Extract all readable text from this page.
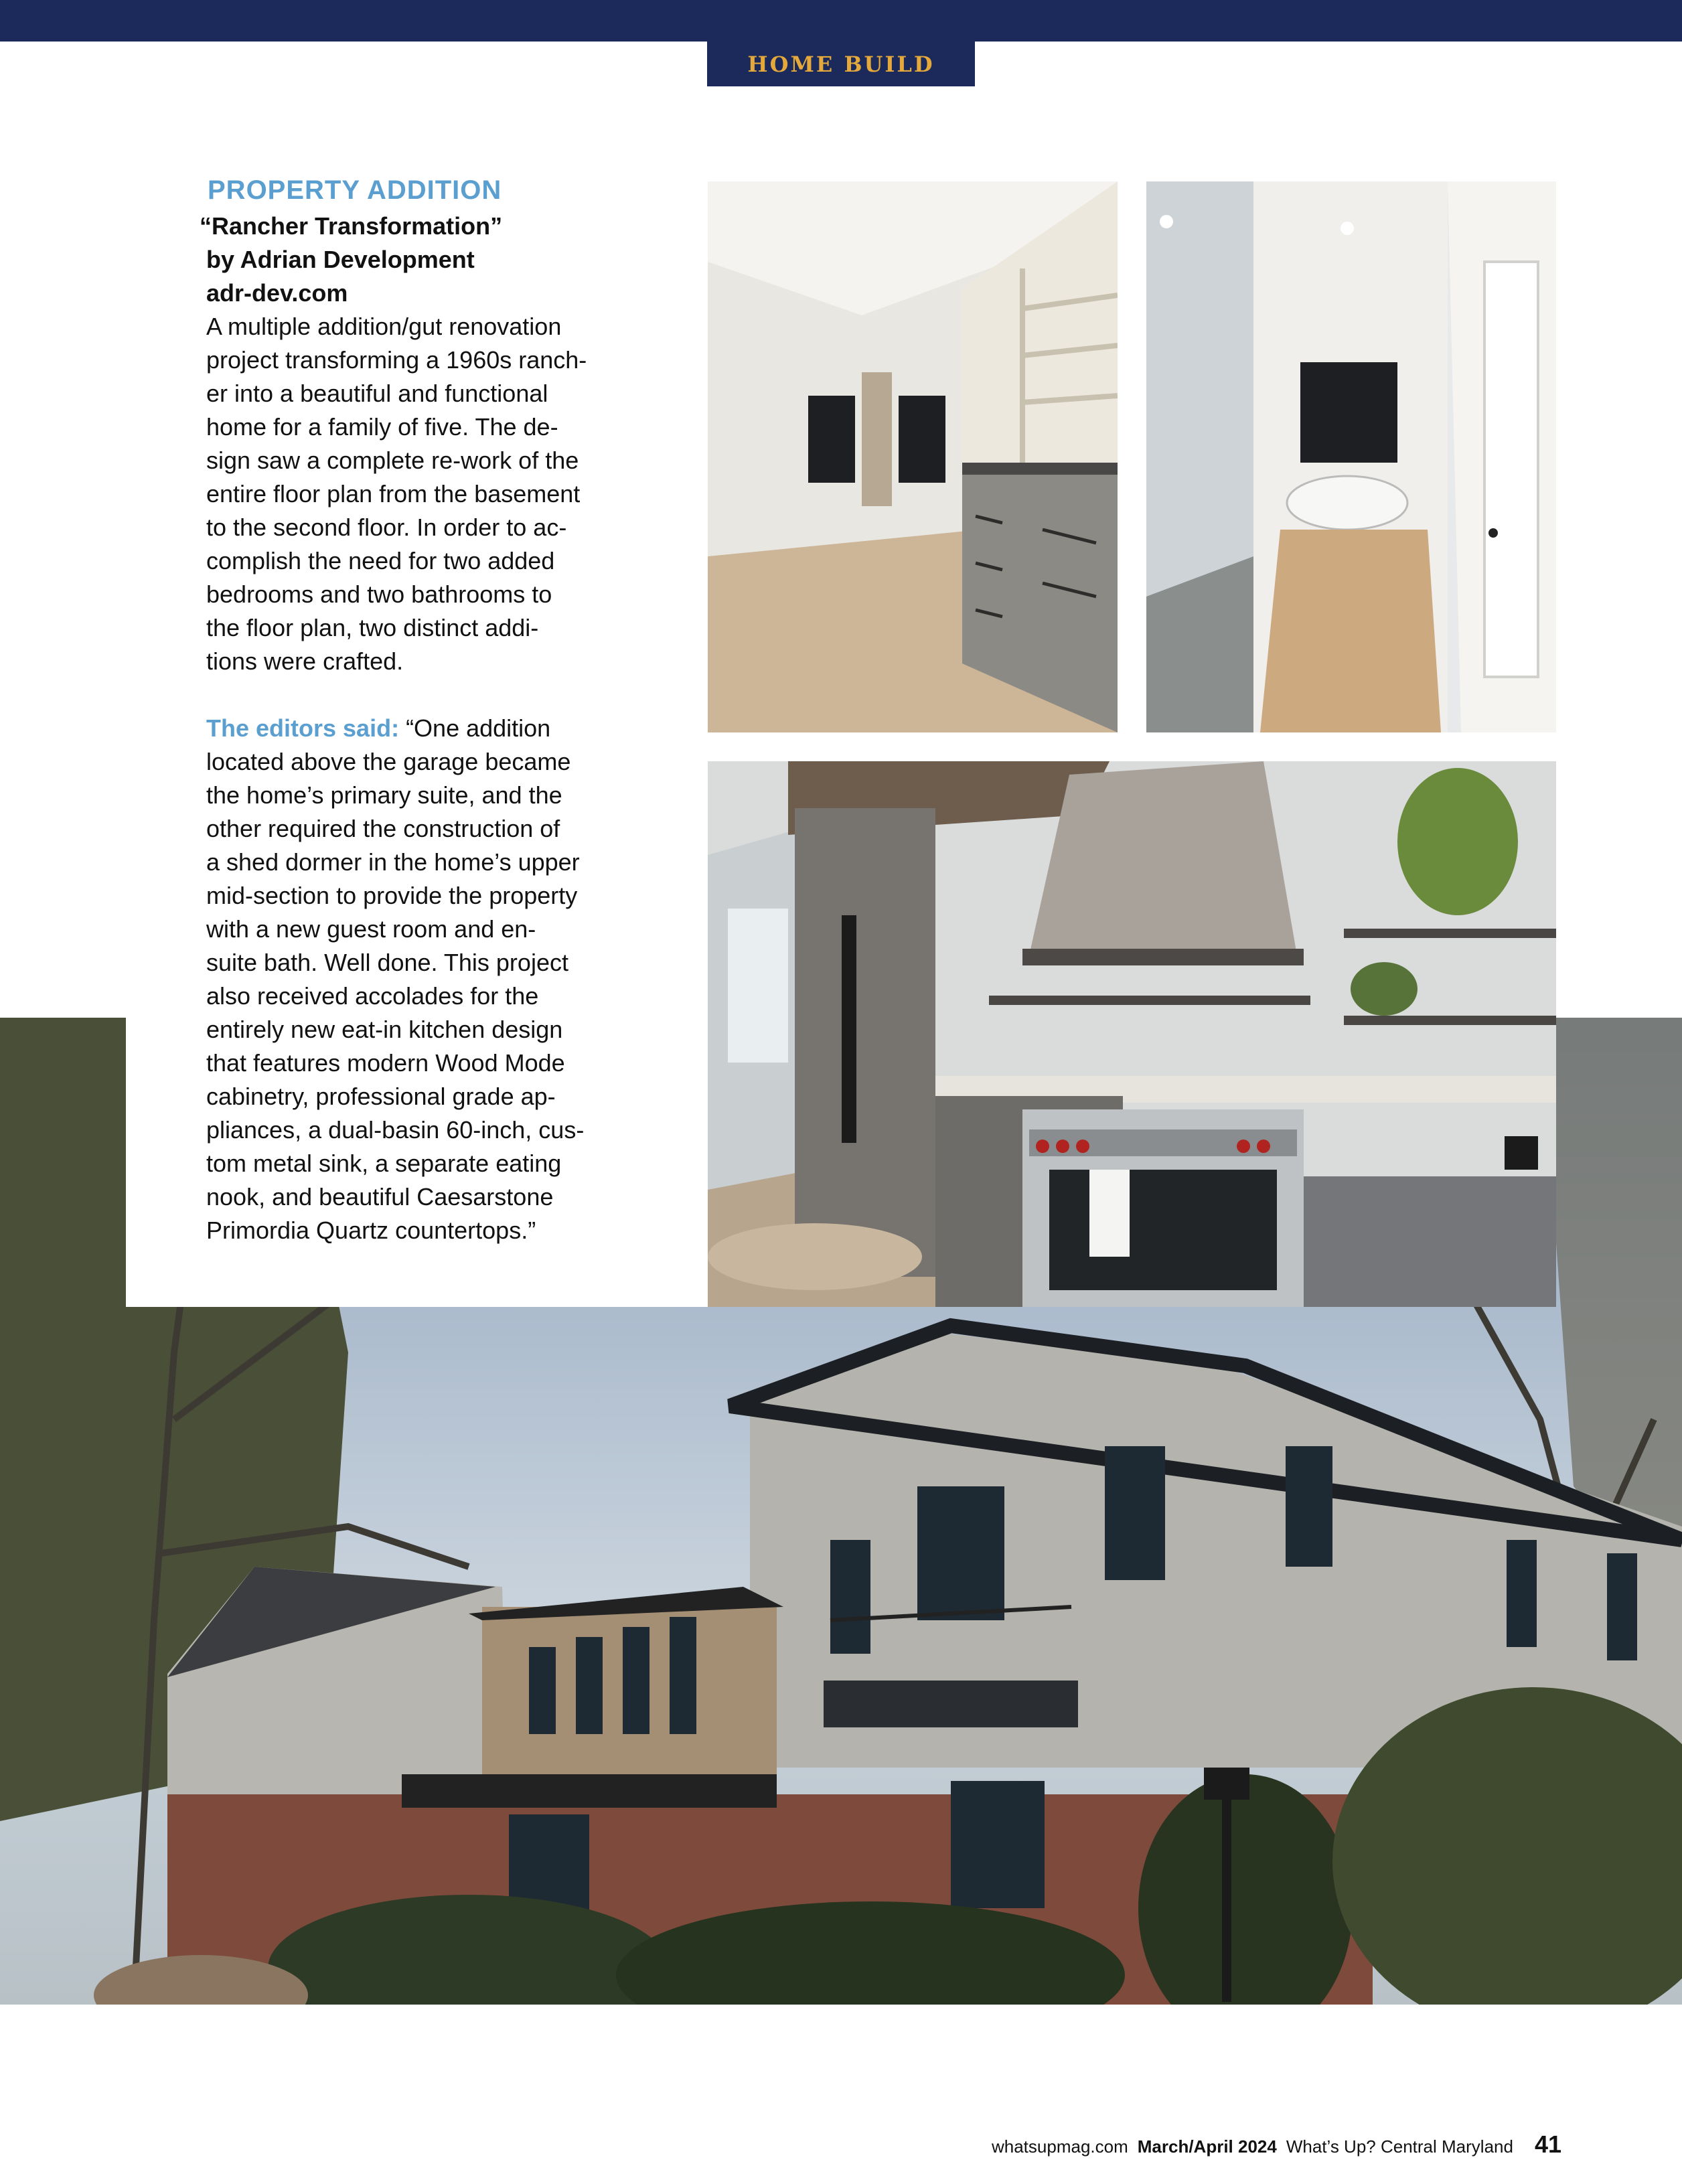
HOME BUILD

PROPERTY ADDITION

“Rancher Transformation”

by Adrian Development

adr-dev.com

A multiple addition/gut renovation

project transforming a 1960s ranch-

er into a beautiful and functional

home for a family of five. The de-

sign saw a complete re-work of the

entire floor plan from the basement

to the second floor. In order to ac-

complish the need for two added

bedrooms and two bathrooms to

the floor plan, two distinct addi-

tions were crafted.

The editors said: “One addition

located above the garage became

the home’s primary suite, and the

other required the construction of

a shed dormer in the home’s upper

mid-section to provide the property

with a new guest room and en-

suite bath. Well done. This project

also received accolades for the

entirely new eat-in kitchen design

that features modern Wood Mode

cabinetry, professional grade ap-

pliances, a dual-basin 60-inch, cus-

tom metal sink, a separate eating

nook, and beautiful Caesarstone

Primordia Quartz countertops.”

whatsupmag.com March/April 2024 What’s Up? Central Maryland 41
